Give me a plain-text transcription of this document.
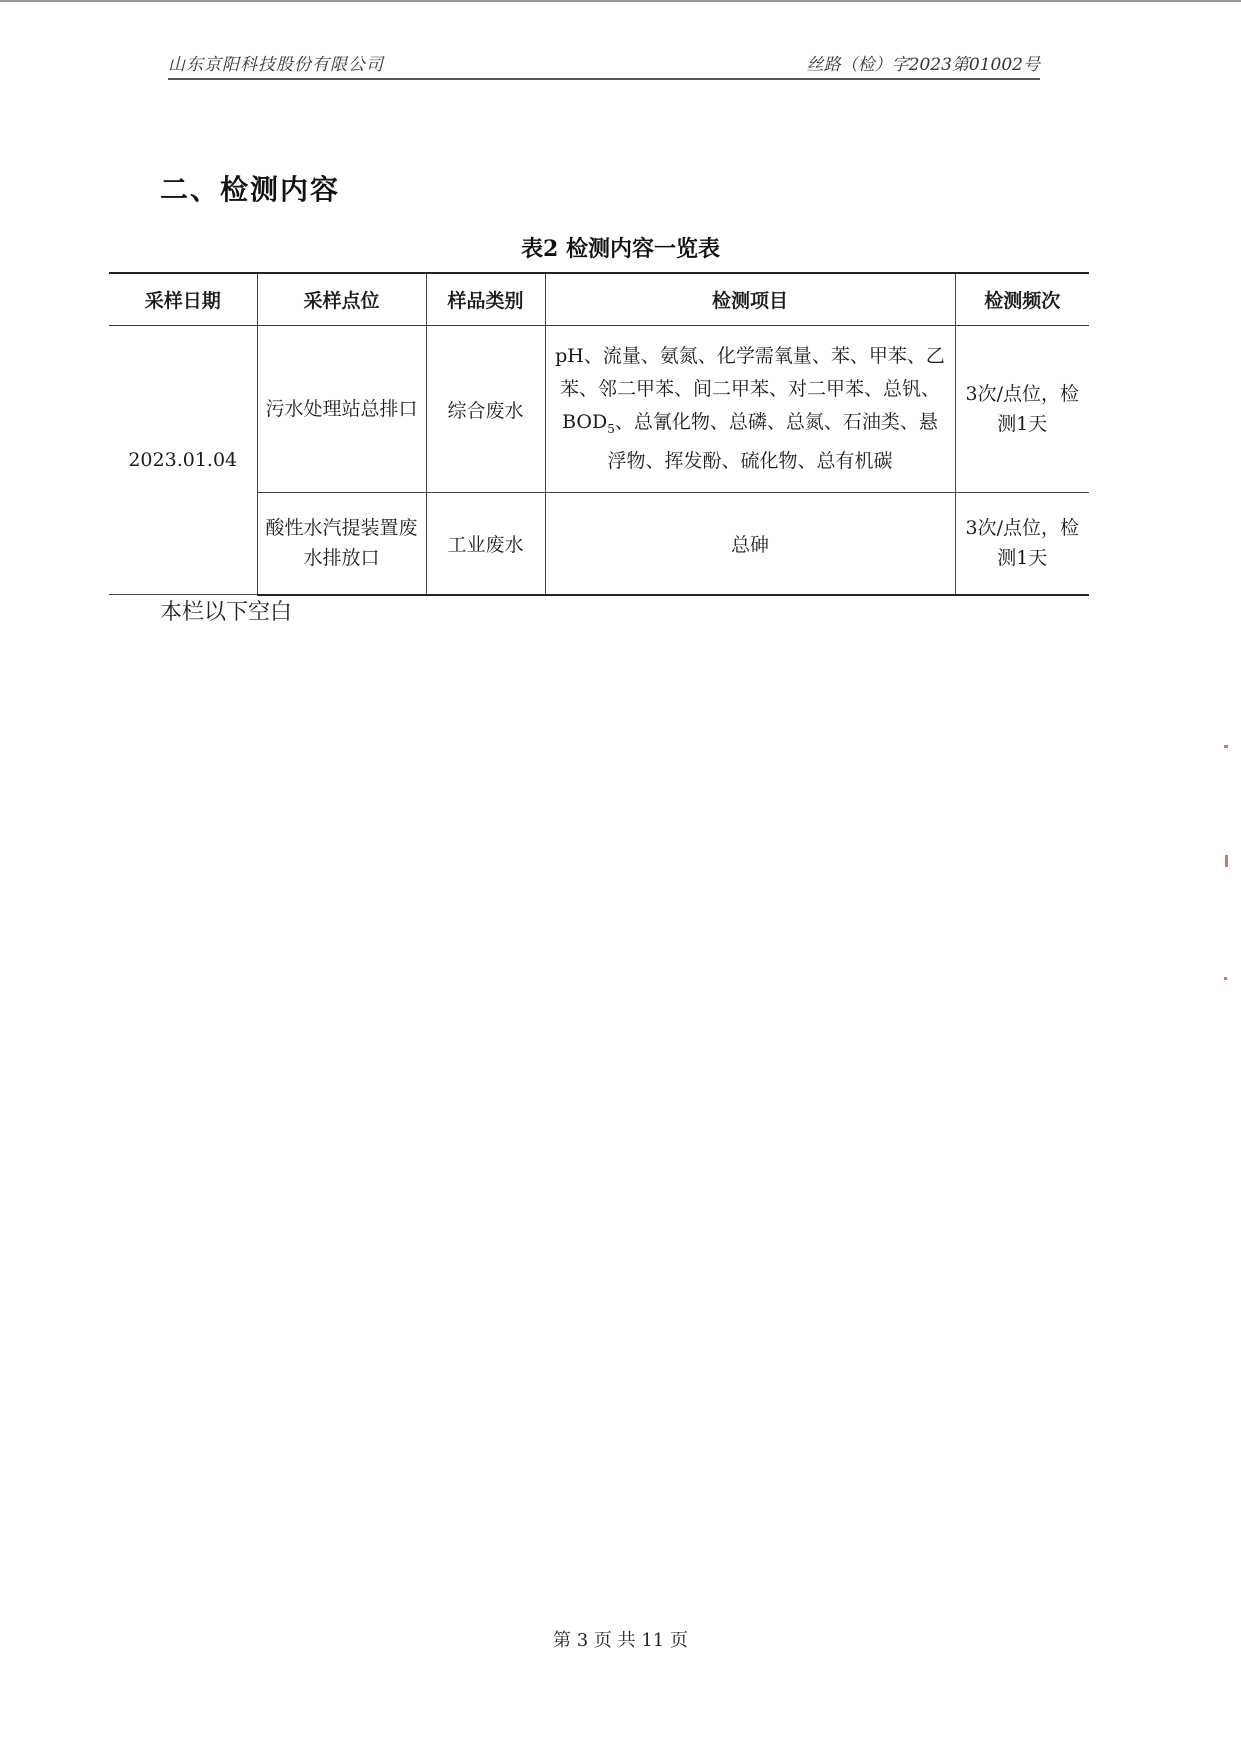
山东京阳科技股份有限公司	丝路（检）字2023第01002号
二、检测内容
表2 检测内容一览表
采样日期	采样点位	样品类别	检测项目	检测频次
2023.01.04	污水处理站总排口	综合废水	pH、流量、氨氮、化学需氧量、苯、甲苯、乙苯、邻二甲苯、间二甲苯、对二甲苯、总钒、$BOD_5$、总氰化物、总磷、总氮、石油类、悬浮物、挥发酚、硫化物、总有机碳	3次/点位，检测1天
	酸性水汽提装置废水排放口	工业废水	总砷	3次/点位，检测1天
本栏以下空白
第 3 页 共 11 页
